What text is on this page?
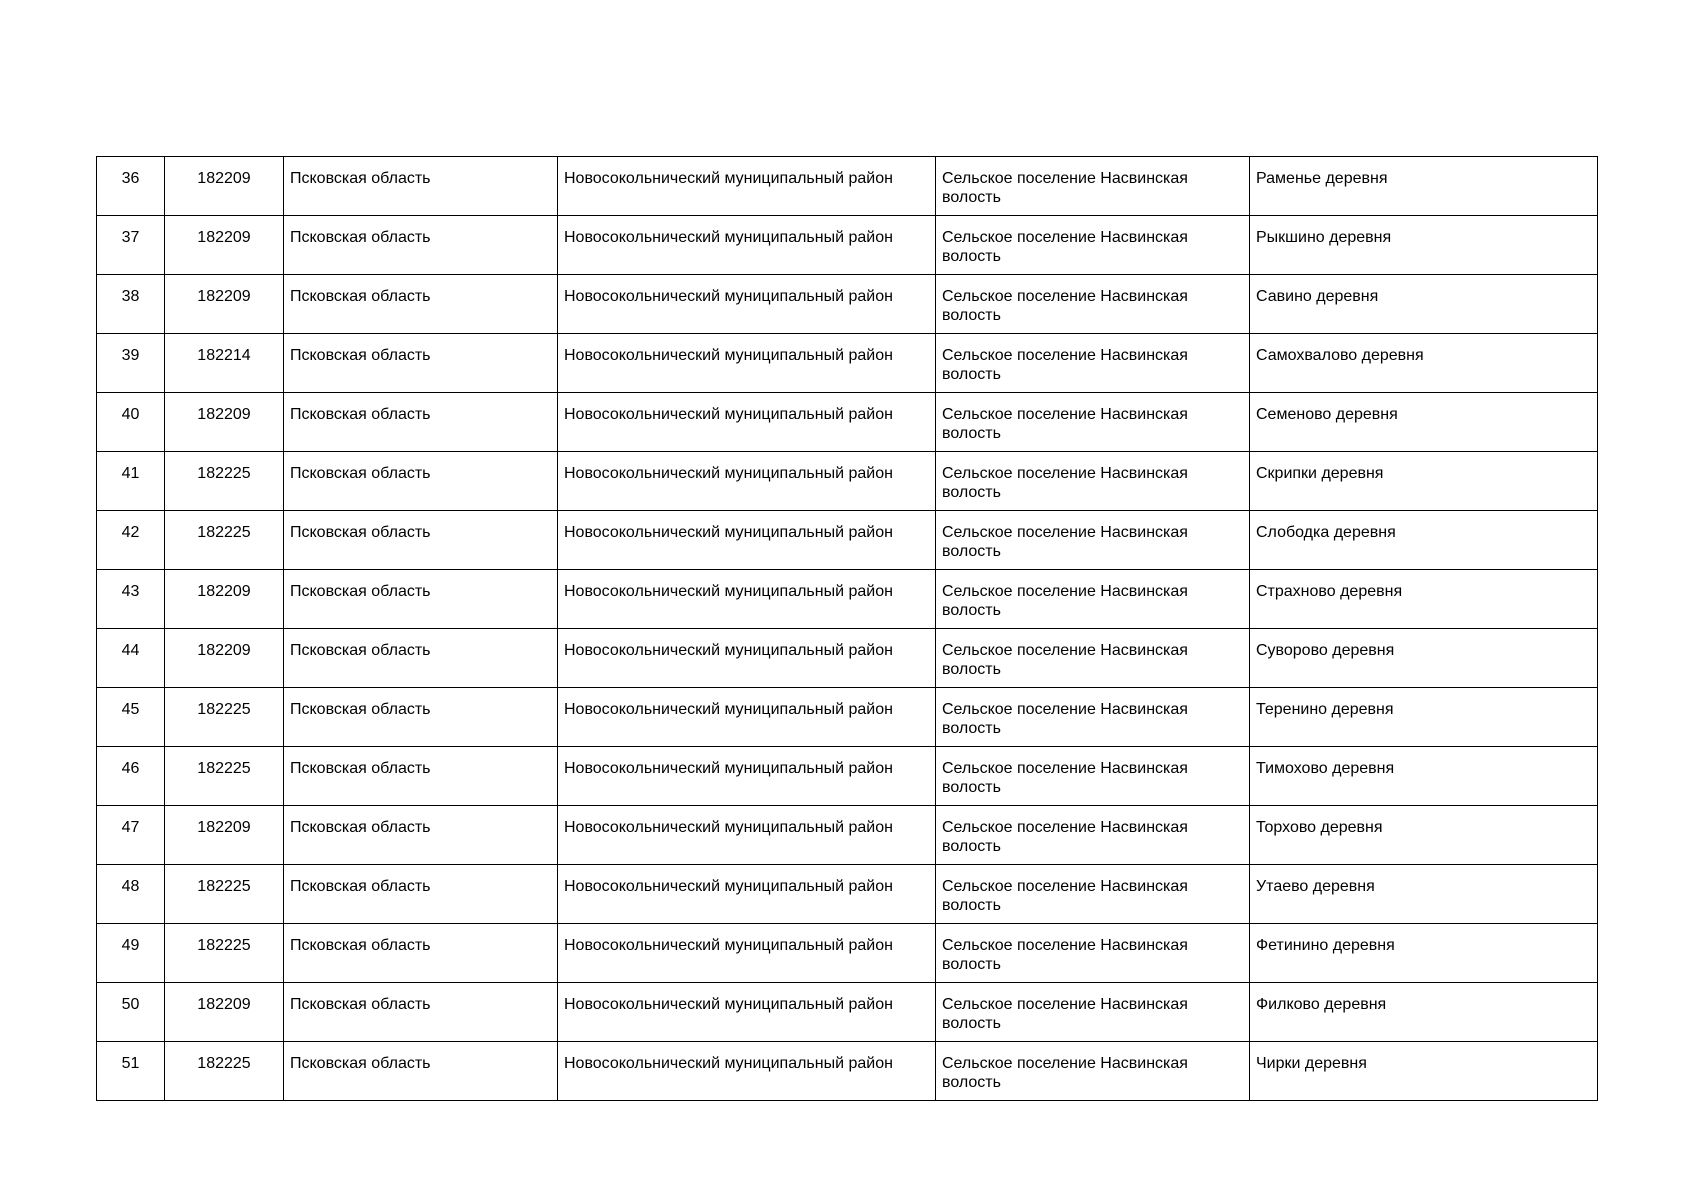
36	182209	Псковская область	Новосокольнический муниципальный район	Сельское поселение Насвинская волость	Раменье деревня
37	182209	Псковская область	Новосокольнический муниципальный район	Сельское поселение Насвинская волость	Рыкшино деревня
38	182209	Псковская область	Новосокольнический муниципальный район	Сельское поселение Насвинская волость	Савино деревня
39	182214	Псковская область	Новосокольнический муниципальный район	Сельское поселение Насвинская волость	Самохвалово деревня
40	182209	Псковская область	Новосокольнический муниципальный район	Сельское поселение Насвинская волость	Семеново деревня
41	182225	Псковская область	Новосокольнический муниципальный район	Сельское поселение Насвинская волость	Скрипки деревня
42	182225	Псковская область	Новосокольнический муниципальный район	Сельское поселение Насвинская волость	Слободка деревня
43	182209	Псковская область	Новосокольнический муниципальный район	Сельское поселение Насвинская волость	Страхново деревня
44	182209	Псковская область	Новосокольнический муниципальный район	Сельское поселение Насвинская волость	Суворово деревня
45	182225	Псковская область	Новосокольнический муниципальный район	Сельское поселение Насвинская волость	Теренино деревня
46	182225	Псковская область	Новосокольнический муниципальный район	Сельское поселение Насвинская волость	Тимохово деревня
47	182209	Псковская область	Новосокольнический муниципальный район	Сельское поселение Насвинская волость	Торхово деревня
48	182225	Псковская область	Новосокольнический муниципальный район	Сельское поселение Насвинская волость	Утаево деревня
49	182225	Псковская область	Новосокольнический муниципальный район	Сельское поселение Насвинская волость	Фетинино деревня
50	182209	Псковская область	Новосокольнический муниципальный район	Сельское поселение Насвинская волость	Филково деревня
51	182225	Псковская область	Новосокольнический муниципальный район	Сельское поселение Насвинская волость	Чирки деревня
